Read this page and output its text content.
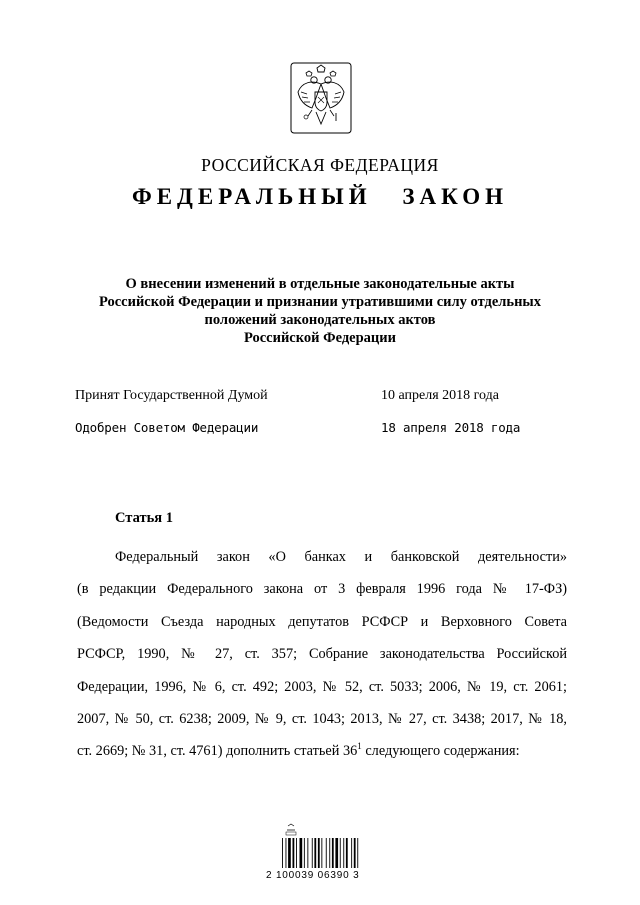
РОССИЙСКАЯ ФЕДЕРАЦИЯ
ФЕДЕРАЛЬНЫЙ ЗАКОН
О внесении изменений в отдельные законодательные акты
Российской Федерации и признании утратившими силу отдельных
положений законодательных актов
Российской Федерации
Принят Государственной Думой	10 апреля 2018 года
Одобрен Советом Федерации	18 апреля 2018 года
Статья 1
Федеральный закон «О банках и банковской деятельности»
(в редакции Федерального закона от 3 февраля 1996 года № 17-ФЗ)
(Ведомости Съезда народных депутатов РСФСР и Верховного Совета
РСФСР, 1990, № 27, ст. 357; Собрание законодательства Российской
Федерации, 1996, № 6, ст. 492; 2003, № 52, ст. 5033; 2006, № 19, ст. 2061;
2007, № 50, ст. 6238; 2009, № 9, ст. 1043; 2013, № 27, ст. 3438; 2017, № 18,
ст. 2669; № 31, ст. 4761) дополнить статьей $36^1$ следующего содержания:
2 100039 06390 3
